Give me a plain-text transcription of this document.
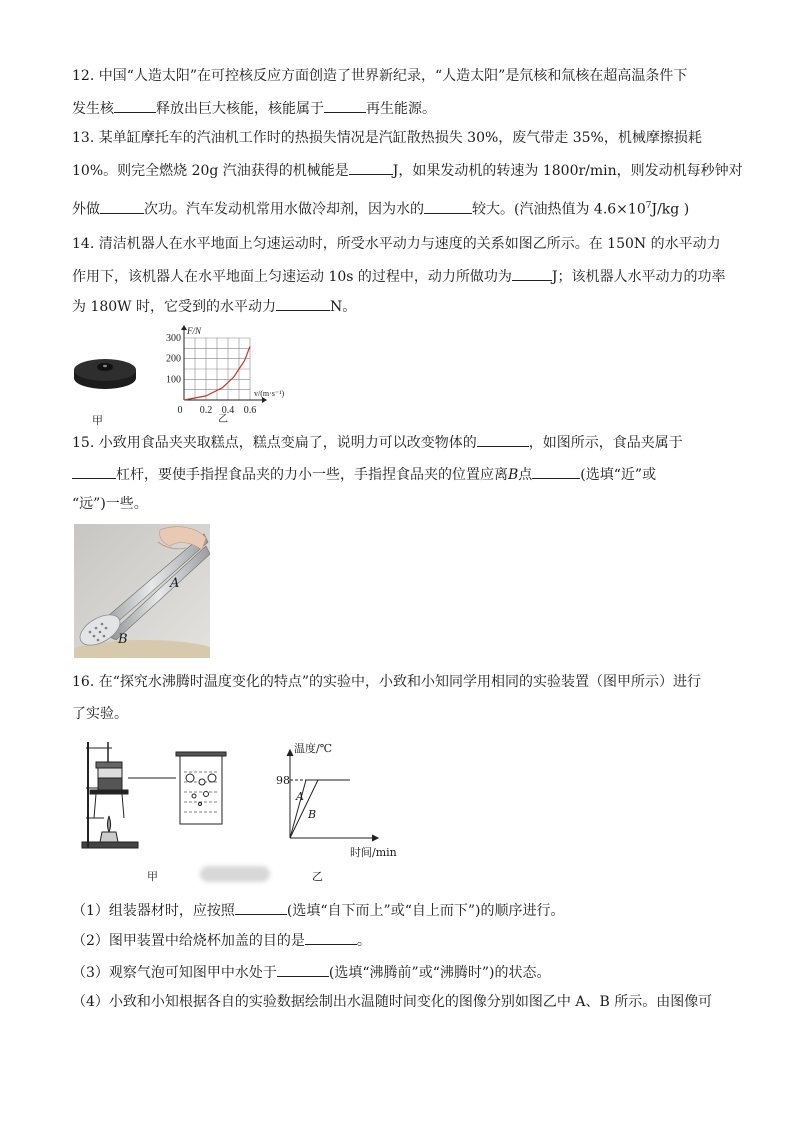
12. 中国“人造太阳”在可控核反应方面创造了世界新纪录，“人造太阳”是氘核和氚核在超高温条件下
发生核	释放出巨大核能，核能属于	再生能源。
13. 某单缸摩托车的汽油机工作时的热损失情况是汽缸散热损失 30%，废气带走 35%，机械摩擦损耗
10%。则完全燃烧 20g 汽油获得的机械能是	J，如果发动机的转速为 1800r/min，则发动机每秒钟对
外做	次功。汽车发动机常用水做冷却剂，因为水的	较大。(汽油热值为 $4.6\times 10^7J/kg$ )
14. 清洁机器人在水平地面上匀速运动时，所受水平动力与速度的关系如图乙所示。在 150N 的水平动力
作用下，该机器人在水平地面上匀速运动 10s 的过程中，动力所做功为	J；该机器人水平动力的功率
为 180W 时，它受到的水平动力	N。
甲
100
200
300
0 0.2 0.4 0.6
F/N
v/(m·s⁻¹)
乙
15. 小致用食品夹夹取糕点，糕点变扁了，说明力可以改变物体的	，如图所示，食品夹属于
杠杆，要使手指捏食品夹的力小一些，手指捏食品夹的位置应离B点	(选填“近”或
“远”)一些。
A
B
16. 在“探究水沸腾时温度变化的特点”的实验中，小致和小知同学用相同的实验装置（图甲所示）进行
了实验。
甲
温度/℃
98
A
B
时间/min
乙
（1）组装器材时，应按照	(选填“自下而上”或“自上而下”)的顺序进行。
（2）图甲装置中给烧杯加盖的目的是	。
（3）观察气泡可知图甲中水处于	(选填“沸腾前”或“沸腾时”)的状态。
（4）小致和小知根据各自的实验数据绘制出水温随时间变化的图像分别如图乙中 A、B 所示。由图像可
